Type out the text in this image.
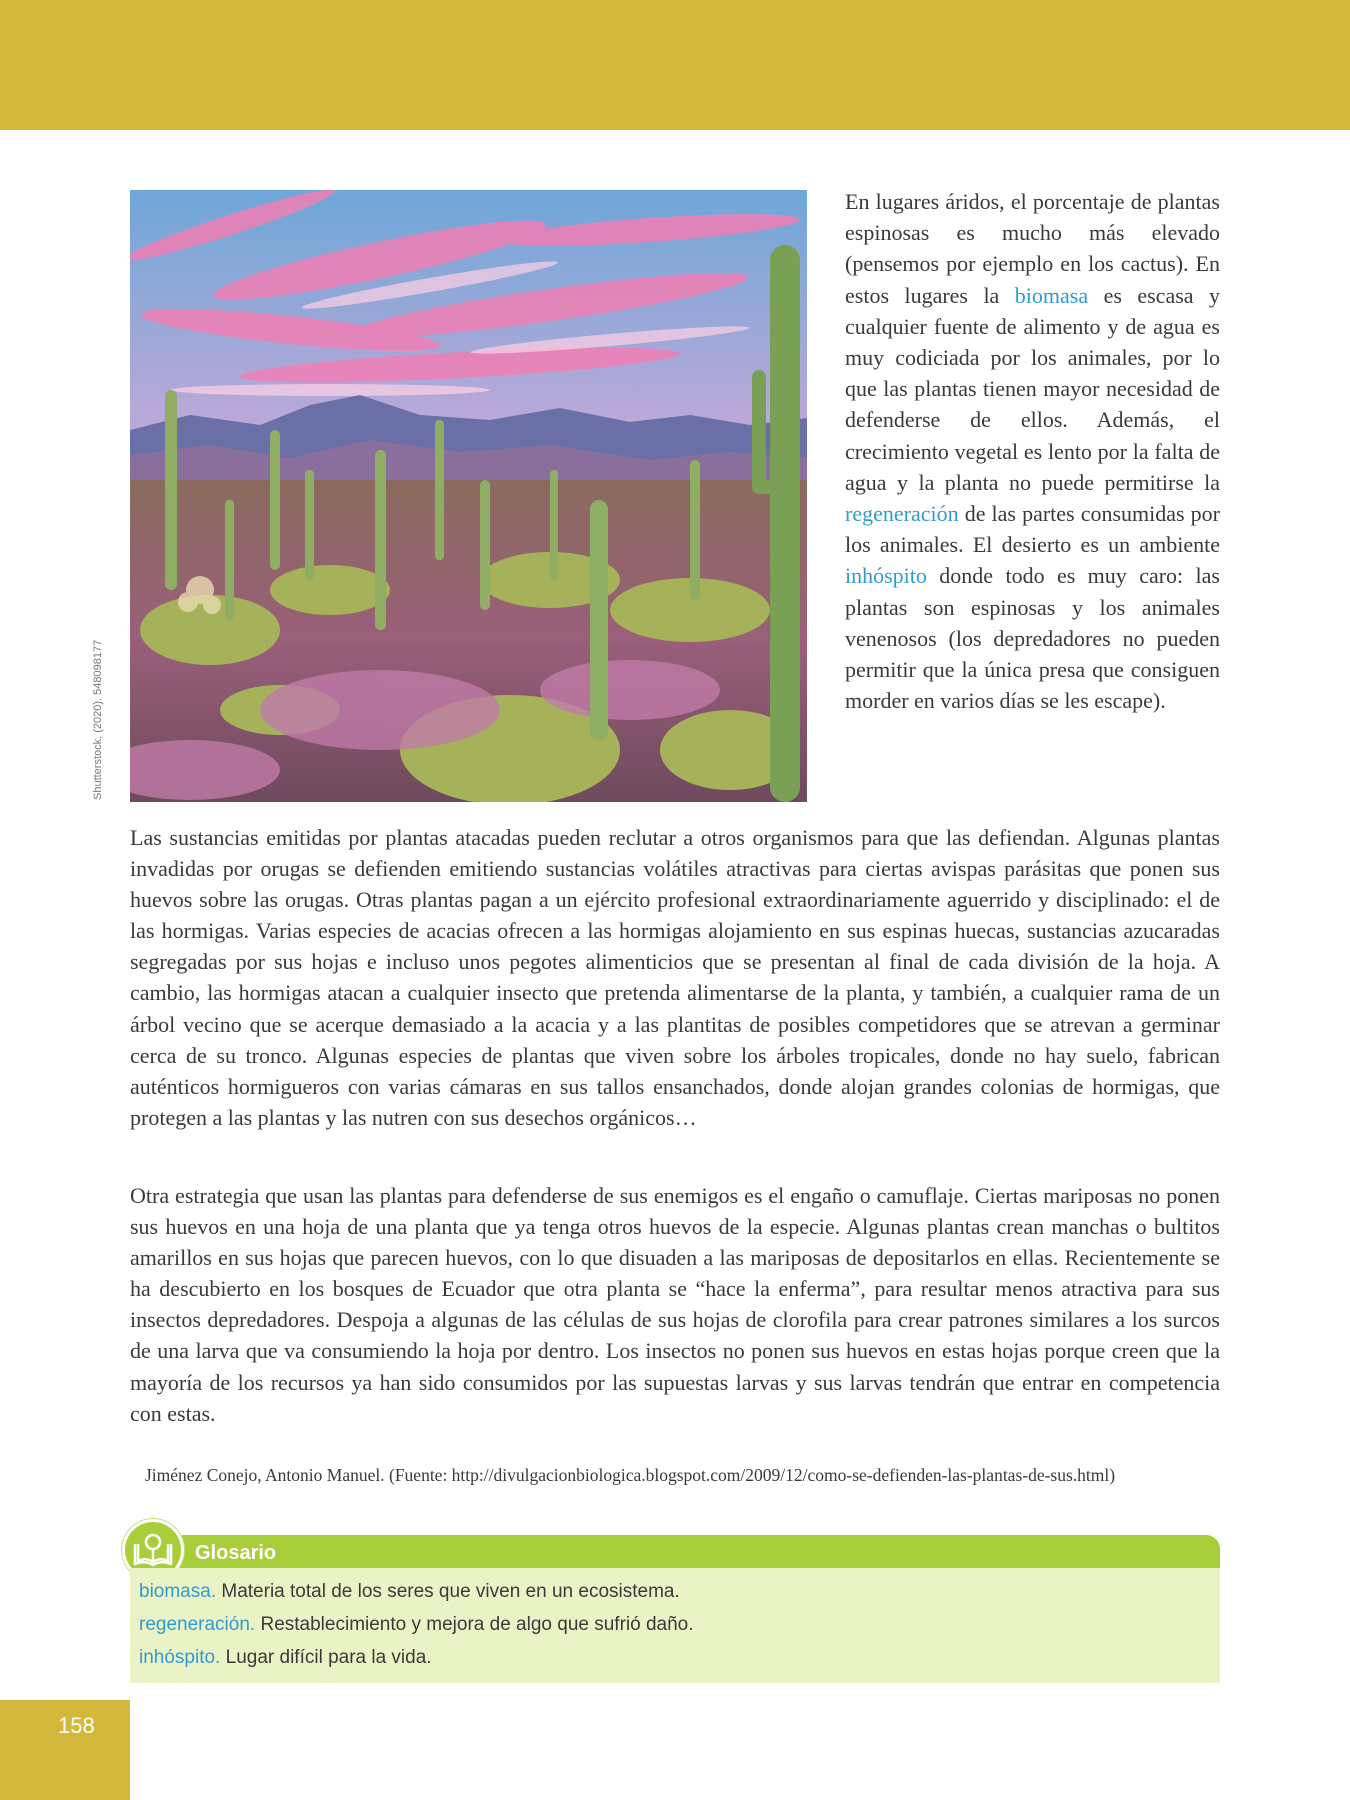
Shutterstock, (2020). 548098177

En lugares áridos, el porcentaje de plantas espinosas es mucho más elevado (pensemos por ejemplo en los cactus). En estos lugares la biomasa es escasa y cualquier fuente de alimento y de agua es muy codiciada por los animales, por lo que las plantas tienen mayor necesidad de defenderse de ellos. Además, el crecimiento vegetal es lento por la falta de agua y la planta no puede permitirse la regeneración de las partes consumidas por los animales. El desierto es un ambiente inhóspito donde todo es muy caro: las plantas son espinosas y los animales venenosos (los depredadores no pueden permitir que la única presa que consiguen morder en varios días se les escape).

Las sustancias emitidas por plantas atacadas pueden reclutar a otros organismos para que las defiendan. Algunas plantas invadidas por orugas se defienden emitiendo sustancias volátiles atractivas para ciertas avispas parásitas que ponen sus huevos sobre las orugas. Otras plantas pagan a un ejército profesional extraordinariamente aguerrido y disciplinado: el de las hormigas. Varias especies de acacias ofrecen a las hormigas alojamiento en sus espinas huecas, sustancias azucaradas segregadas por sus hojas e incluso unos pegotes alimenticios que se presentan al final de cada división de la hoja. A cambio, las hormigas atacan a cualquier insecto que pretenda alimentarse de la planta, y también, a cualquier rama de un árbol vecino que se acerque demasiado a la acacia y a las plantitas de posibles competidores que se atrevan a germinar cerca de su tronco. Algunas especies de plantas que viven sobre los árboles tropicales, donde no hay suelo, fabrican auténticos hormigueros con varias cámaras en sus tallos ensanchados, donde alojan grandes colonias de hormigas, que protegen a las plantas y las nutren con sus desechos orgánicos…

Otra estrategia que usan las plantas para defenderse de sus enemigos es el engaño o camuflaje. Ciertas mariposas no ponen sus huevos en una hoja de una planta que ya tenga otros huevos de la especie. Algunas plantas crean manchas o bultitos amarillos en sus hojas que parecen huevos, con lo que disuaden a las mariposas de depositarlos en ellas. Recientemente se ha descubierto en los bosques de Ecuador que otra planta se “hace la enferma”, para resultar menos atractiva para sus insectos depredadores. Despoja a algunas de las células de sus hojas de clorofila para crear patrones similares a los surcos de una larva que va consumiendo la hoja por dentro. Los insectos no ponen sus huevos en estas hojas porque creen que la mayoría de los recursos ya han sido consumidos por las supuestas larvas y sus larvas tendrán que entrar en competencia con estas.

Jiménez Conejo, Antonio Manuel. (Fuente: http://divulgacionbiologica.blogspot.com/2009/12/como-se-defienden-las-plantas-de-sus.html)

Glosario

biomasa. Materia total de los seres que viven en un ecosistema.

regeneración. Restablecimiento y mejora de algo que sufrió daño.

inhóspito. Lugar difícil para la vida.

158
